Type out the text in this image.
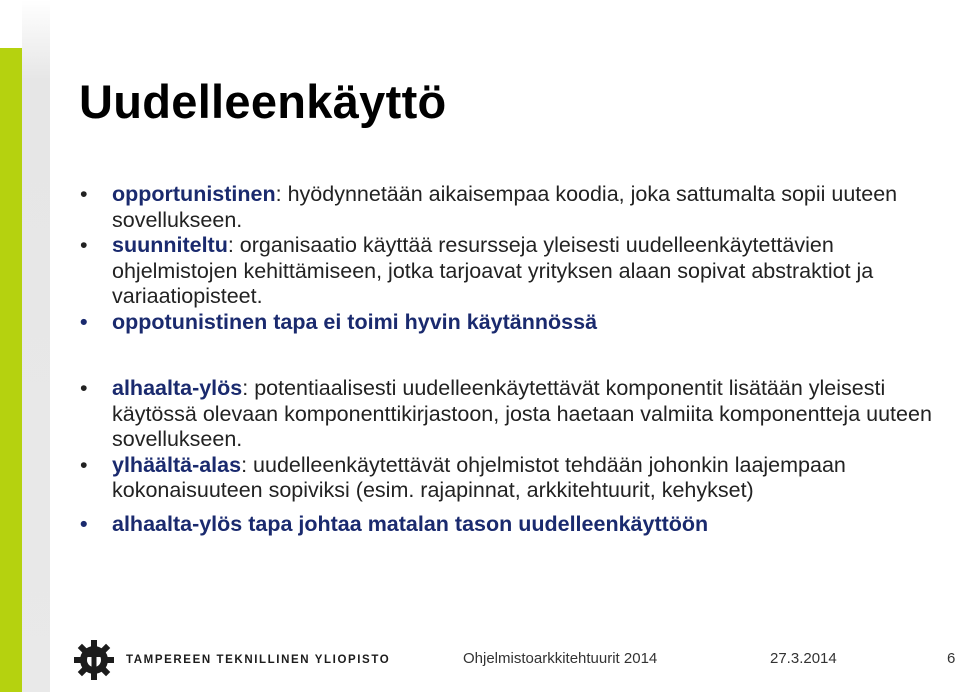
Uudelleenkäyttö
• opportunistinen: hyödynnetään aikaisempaa koodia, joka sattumalta sopii uuteen sovellukseen.
• suunniteltu: organisaatio käyttää resursseja yleisesti uudelleenkäytettävien ohjelmistojen kehittämiseen, jotka tarjoavat yrityksen alaan sopivat abstraktiot ja variaatiopisteet.
• oppotunistinen tapa ei toimi hyvin käytännössä
• alhaalta-ylös: potentiaalisesti uudelleenkäytettävät komponentit lisätään yleisesti käytössä olevaan komponenttikirjastoon, josta haetaan valmiita komponentteja uuteen sovellukseen.
• ylhäältä-alas: uudelleenkäytettävät ohjelmistot tehdään johonkin laajempaan kokonaisuuteen sopiviksi (esim. rajapinnat, arkkitehtuurit, kehykset)
• alhaalta-ylös tapa johtaa matalan tason uudelleenkäyttöön
TAMPEREEN TEKNILLINEN YLIOPISTO	Ohjelmistoarkkitehtuurit 2014	27.3.2014	6
